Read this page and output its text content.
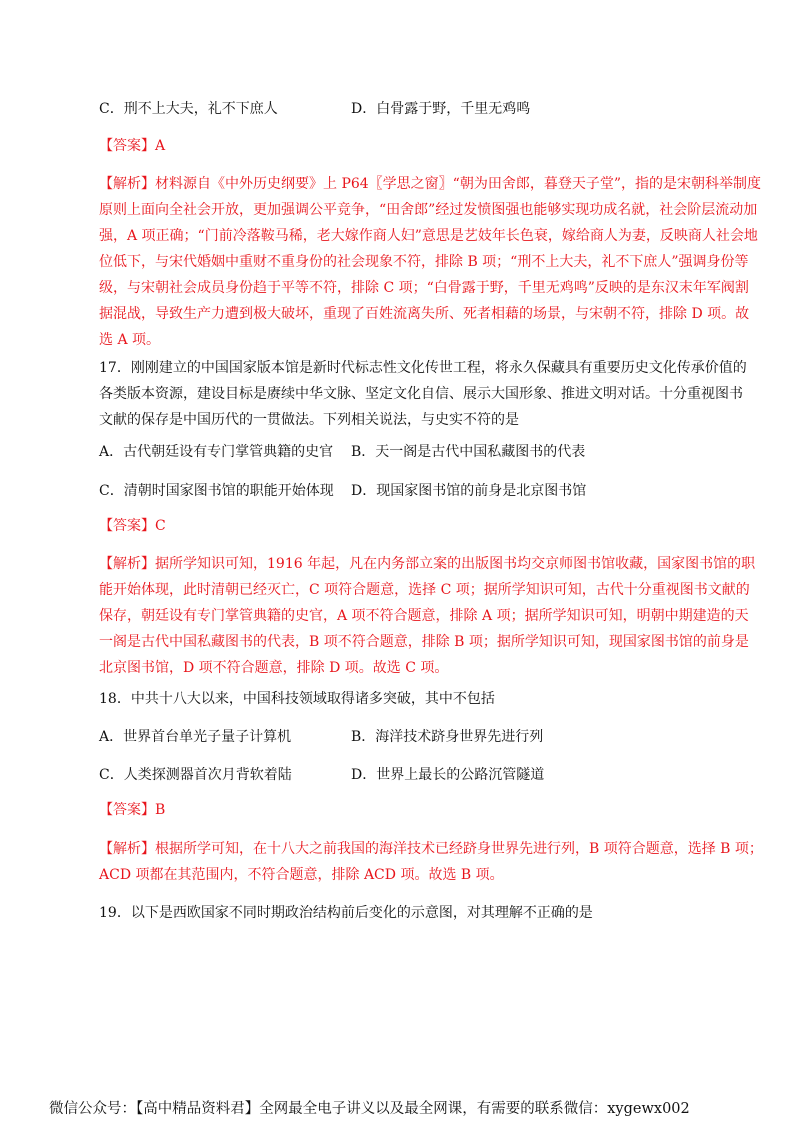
C．刑不上大夫，礼不下庶人	D．白骨露于野，千里无鸡鸣
【答案】A
【解析】材料源自《中外历史纲要》上 P64〖学思之窗〗“朝为田舍郎，暮登天子堂”，指的是宋朝科举制度
原则上面向全社会开放，更加强调公平竞争，“田舍郎”经过发愤图强也能够实现功成名就，社会阶层流动加
强，A 项正确；“门前冷落鞍马稀，老大嫁作商人妇”意思是艺妓年长色衰，嫁给商人为妻，反映商人社会地
位低下，与宋代婚姻中重财不重身份的社会现象不符，排除 B 项；“刑不上大夫，礼不下庶人”强调身份等
级，与宋朝社会成员身份趋于平等不符，排除 C 项；“白骨露于野，千里无鸡鸣”反映的是东汉末年军阀割
据混战，导致生产力遭到极大破坏，重现了百姓流离失所、死者相藉的场景，与宋朝不符，排除 D 项。故
选 A 项。
17．刚刚建立的中国国家版本馆是新时代标志性文化传世工程，将永久保藏具有重要历史文化传承价值的
各类版本资源，建设目标是赓续中华文脉、坚定文化自信、展示大国形象、推进文明对话。十分重视图书
文献的保存是中国历代的一贯做法。下列相关说法，与史实不符的是
A．古代朝廷设有专门掌管典籍的史官 B．天一阁是古代中国私藏图书的代表
C．清朝时国家图书馆的职能开始体现 D．现国家图书馆的前身是北京图书馆
【答案】C
【解析】据所学知识可知，1916 年起，凡在内务部立案的出版图书均交京师图书馆收藏，国家图书馆的职
能开始体现，此时清朝已经灭亡，C 项符合题意，选择 C 项；据所学知识可知，古代十分重视图书文献的
保存，朝廷设有专门掌管典籍的史官，A 项不符合题意，排除 A 项；据所学知识可知，明朝中期建造的天
一阁是古代中国私藏图书的代表，B 项不符合题意，排除 B 项；据所学知识可知，现国家图书馆的前身是
北京图书馆，D 项不符合题意，排除 D 项。故选 C 项。
18．中共十八大以来，中国科技领域取得诸多突破，其中不包括
A．世界首台单光子量子计算机	B．海洋技术跻身世界先进行列
C．人类探测器首次月背软着陆	D．世界上最长的公路沉管隧道
【答案】B
【解析】根据所学可知，在十八大之前我国的海洋技术已经跻身世界先进行列，B 项符合题意，选择 B 项；
ACD 项都在其范围内，不符合题意，排除 ACD 项。故选 B 项。
19．以下是西欧国家不同时期政治结构前后变化的示意图，对其理解不正确的是
微信公众号：【高中精品资料君】全网最全电子讲义以及最全网课，有需要的联系微信：xygewx002
